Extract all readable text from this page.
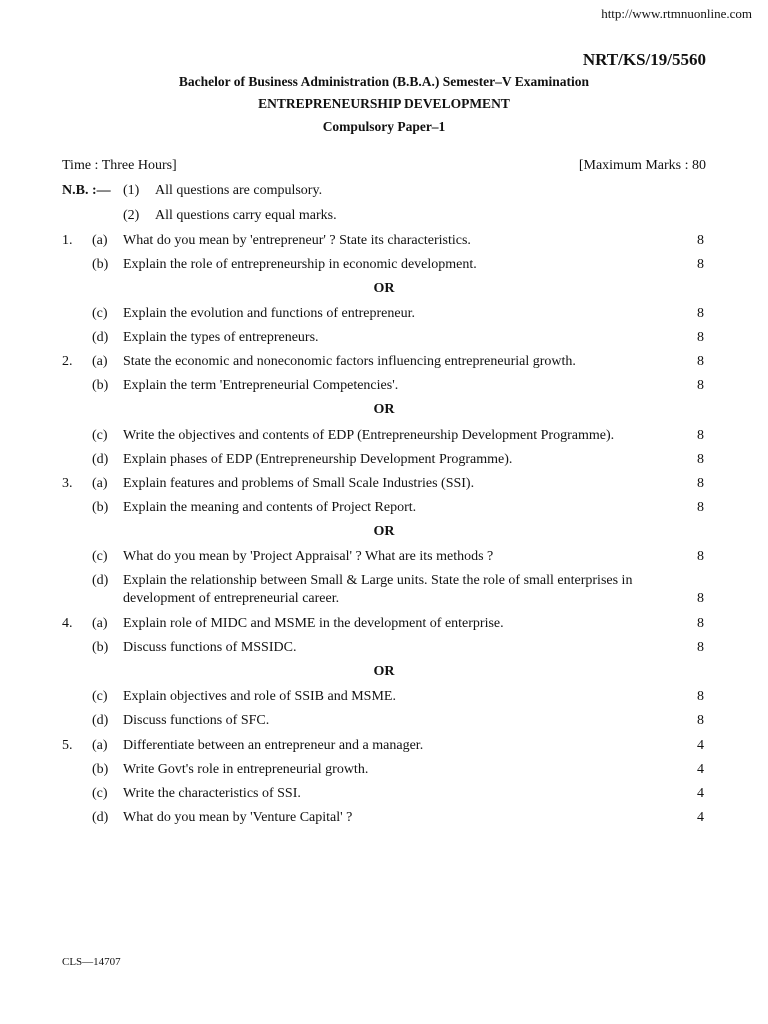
http://www.rtmnuonline.com
NRT/KS/19/5560
Bachelor of Business Administration (B.B.A.) Semester–V Examination
ENTREPRENEURSHIP DEVELOPMENT
Compulsory Paper–1
Time : Three Hours]	[Maximum Marks : 80
N.B. :— (1) All questions are compulsory.
(2) All questions carry equal marks.
1. (a) What do you mean by 'entrepreneur' ? State its characteristics.	8
(b) Explain the role of entrepreneurship in economic development.	8
OR
(c) Explain the evolution and functions of entrepreneur.	8
(d) Explain the types of entrepreneurs.	8
2. (a) State the economic and noneconomic factors influencing entrepreneurial growth.	8
(b) Explain the term 'Entrepreneurial Competencies'.	8
OR
(c) Write the objectives and contents of EDP (Entrepreneurship Development Programme).	8
(d) Explain phases of EDP (Entrepreneurship Development Programme).	8
3. (a) Explain features and problems of Small Scale Industries (SSI).	8
(b) Explain the meaning and contents of Project Report.	8
OR
(c) What do you mean by 'Project Appraisal' ? What are its methods ?	8
(d) Explain the relationship between Small & Large units. State the role of small enterprises in
development of entrepreneurial career.	8
4. (a) Explain role of MIDC and MSME in the development of enterprise.	8
(b) Discuss functions of MSSIDC.	8
OR
(c) Explain objectives and role of SSIB and MSME.	8
(d) Discuss functions of SFC.	8
5. (a) Differentiate between an entrepreneur and a manager.	4
(b) Write Govt's role in entrepreneurial growth.	4
(c) Write the characteristics of SSI.	4
(d) What do you mean by 'Venture Capital' ?	4
CLS—14707
